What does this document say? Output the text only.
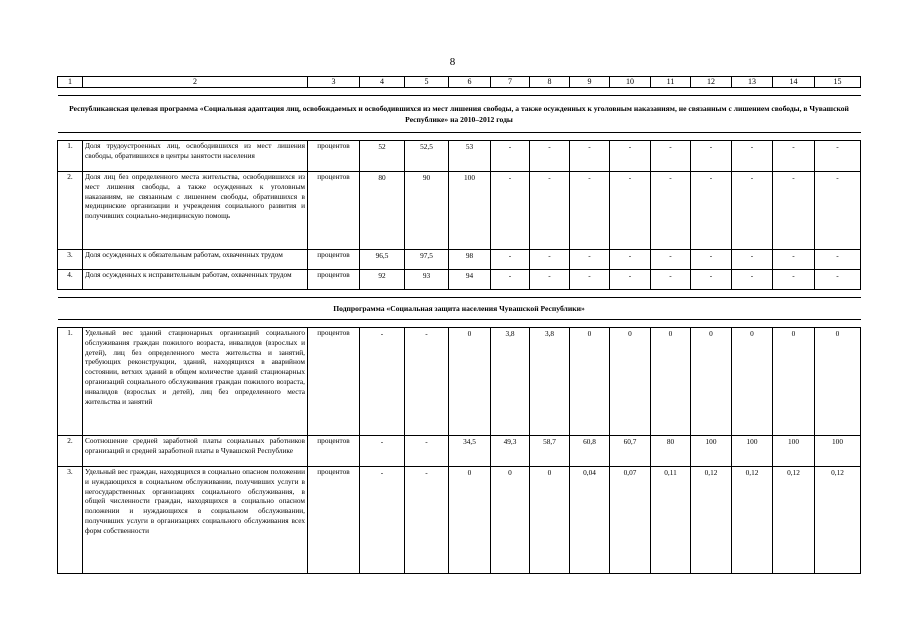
8
1	2	3	4	5	6	7	8	9	10	11	12	13	14	15

Республиканская целевая программа «Социальная адаптация лиц, освобождаемых и освободившихся из мест лишения свободы, а также осужденных к уголовным наказаниям, не связанным с лишением свободы, в Чувашской Республике» на 2010–2012 годы														

1.	Доля трудоустроенных лиц, освободившихся из мест лишения свободы, обратившихся в центры занятости населения	процентов	52	52,5	53	-	-	-	-	-	-	-	-	-
2.	Доля лиц без определенного места жительства, освободившихся из мест лишения свободы, а также осужденных к уголовным наказаниям, не связанным с лишением свободы, обратившихся в медицинские организации и учреждения социального развития и получивших социально-медицинскую помощь	процентов	80	90	100	-	-	-	-	-	-	-	-	-
3.	Доля осужденных к обязательным работам, охваченных трудом	процентов	96,5	97,5	98	-	-	-	-	-	-	-	-	-
4.	Доля осужденных к исправительным работам, охваченных трудом	процентов	92	93	94	-	-	-	-	-	-	-	-	-

Подпрограмма «Социальная защита населения Чувашской Республики»														

1.	Удельный вес зданий стационарных организаций социального обслуживания граждан пожилого возраста, инвалидов (взрослых и детей), лиц без определенного места жительства и занятий, требующих реконструкции, зданий, находящихся в аварийном состоянии, ветхих зданий в общем количестве зданий стационарных организаций социального обслуживания граждан пожилого возраста, инвалидов (взрослых и детей), лиц без определенного места жительства и занятий	процентов	-	-	0	3,8	3,8	0	0	0	0	0	0	0
2.	Соотношение средней заработной платы социальных работников организаций и средней заработной платы в Чувашской Республике	процентов	-	-	34,5	49,3	58,7	60,8	60,7	80	100	100	100	100
3.	Удельный вес граждан, находящихся в социально опасном положении и нуждающихся в социальном обслуживании, получивших услуги в негосударственных организациях социального обслуживания, в общей численности граждан, находящихся в социально опасном положении и нуждающихся в социальном обслуживании, получивших услуги в организациях социального обслуживания всех форм собственности	процентов	-	-	0	0	0	0,04	0,07	0,11	0,12	0,12	0,12	0,12
